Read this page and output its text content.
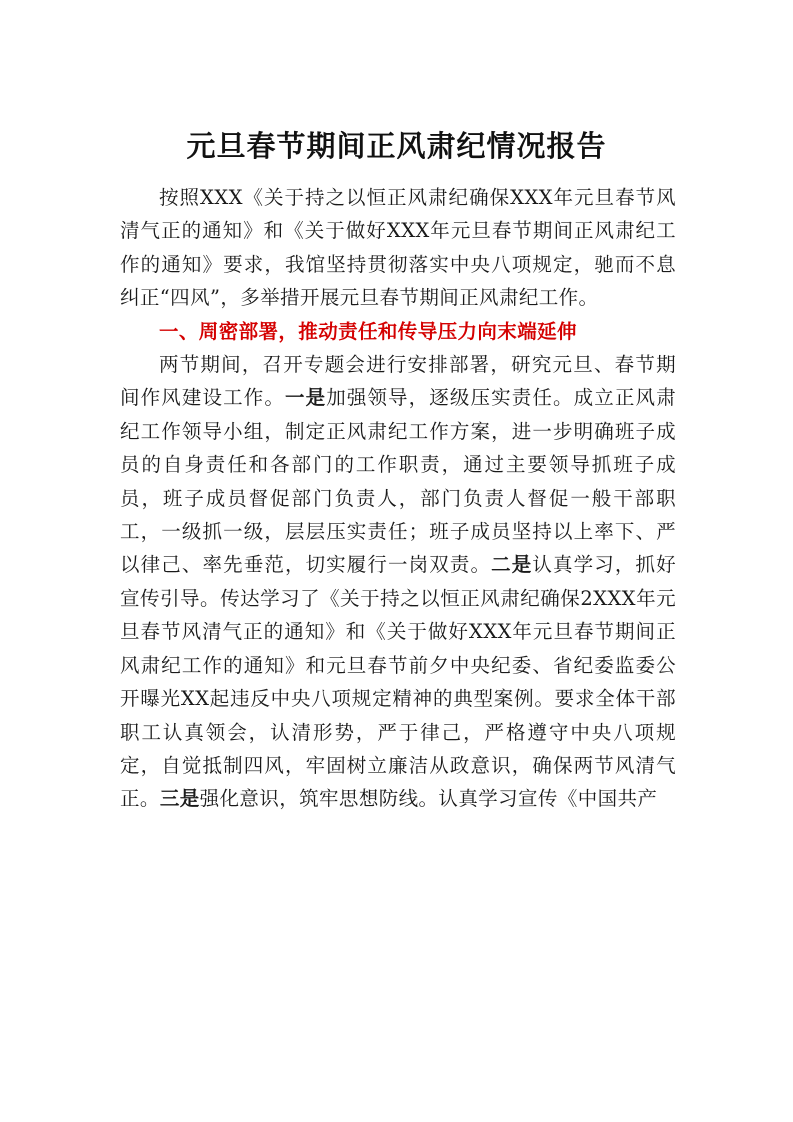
元旦春节期间正风肃纪情况报告

按照XXX《关于持之以恒正风肃纪确保XXX年元旦春节风清气正的通知》和《关于做好XXX年元旦春节期间正风肃纪工作的通知》要求，我馆坚持贯彻落实中央八项规定，驰而不息纠正“四风”，多举措开展元旦春节期间正风肃纪工作。

一、周密部署，推动责任和传导压力向末端延伸

两节期间，召开专题会进行安排部署，研究元旦、春节期间作风建设工作。一是加强领导，逐级压实责任。成立正风肃纪工作领导小组，制定正风肃纪工作方案，进一步明确班子成员的自身责任和各部门的工作职责，通过主要领导抓班子成员，班子成员督促部门负责人，部门负责人督促一般干部职工，一级抓一级，层层压实责任；班子成员坚持以上率下、严以律己、率先垂范，切实履行一岗双责。二是认真学习，抓好宣传引导。传达学习了《关于持之以恒正风肃纪确保2XXX年元旦春节风清气正的通知》和《关于做好XXX年元旦春节期间正风肃纪工作的通知》和元旦春节前夕中央纪委、省纪委监委公开曝光XX起违反中央八项规定精神的典型案例。要求全体干部职工认真领会，认清形势，严于律己，严格遵守中央八项规定，自觉抵制四风，牢固树立廉洁从政意识，确保两节风清气正。三是强化意识，筑牢思想防线。认真学习宣传《中国共产
